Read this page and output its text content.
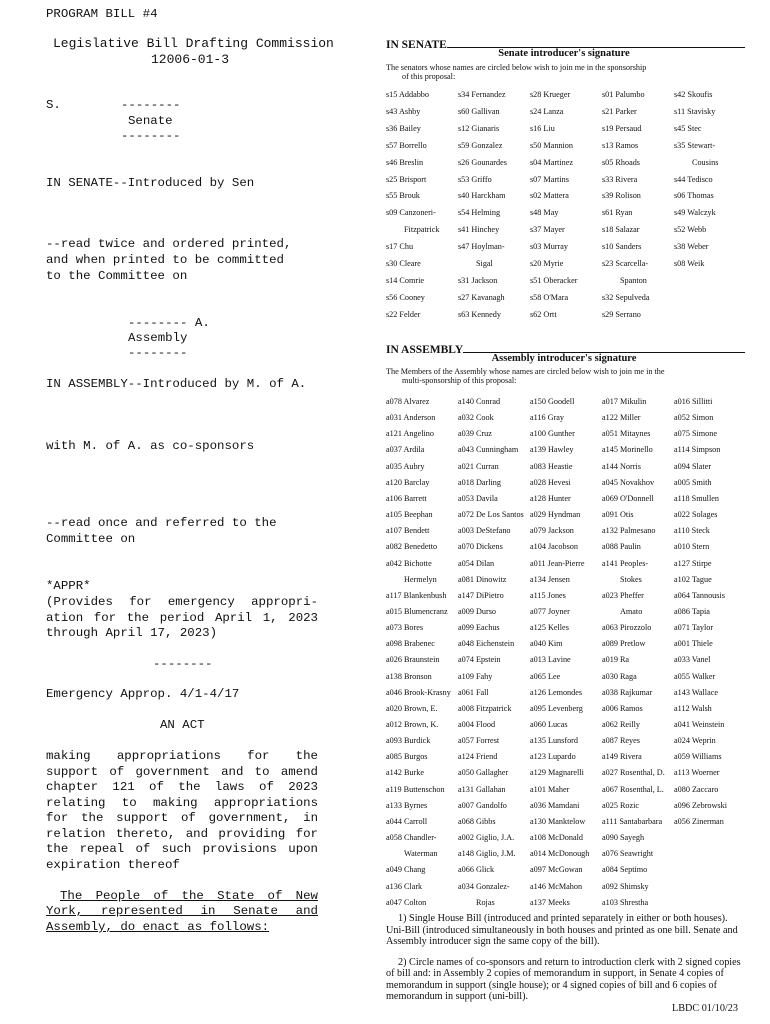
PROGRAM BILL #4
Legislative Bill Drafting Commission
12006-01-3
S.	--------
Senate
--------
IN SENATE--Introduced by Sen
--read twice and ordered printed,
and when printed to be committed
to the Committee on
-------- A.
Assembly
--------
IN ASSEMBLY--Introduced by M. of A.
with M. of A. as co-sponsors
--read once and referred to the
Committee on
*APPR*
(Provides for emergency appropri-
ation for the period April 1, 2023
through April 17, 2023)
--------
Emergency Approp. 4/1-4/17
AN ACT
making appropriations for the
support of government and to amend
chapter 121 of the laws of 2023
relating to making appropriations
for the support of government, in
relation thereto, and providing for
the repeal of such provisions upon
expiration thereof
The People of the State of New
York, represented in Senate and
Assembly, do enact as follows:
IN SENATE
Senate introducer's signature
The senators whose names are circled below wish to join me in the sponsorship
of this proposal:
s15 Addabbo
s43 Ashby
s36 Bailey
s57 Borrello
s46 Breslin
s25 Brisport
s55 Brouk
s09 Canzoneri-
Fitzpatrick
s17 Chu
s30 Cleare
s14 Comrie
s56 Cooney
s22 Felder
s34 Fernandez
s60 Gallivan
s12 Gianaris
s59 Gonzalez
s26 Gounardes
s53 Griffo
s40 Harckham
s54 Helming
s41 Hinchey
s47 Hoylman-
Sigal
s31 Jackson
s27 Kavanagh
s63 Kennedy
s28 Krueger
s24 Lanza
s16 Liu
s50 Mannion
s04 Martinez
s07 Martins
s02 Mattera
s48 May
s37 Mayer
s03 Murray
s20 Myrie
s51 Oberacker
s58 O'Mara
s62 Ortt
s01 Palumbo
s21 Parker
s19 Persaud
s13 Ramos
s05 Rhoads
s33 Rivera
s39 Rolison
s61 Ryan
s18 Salazar
s10 Sanders
s23 Scarcella-
Spanton
s32 Sepulveda
s29 Serrano
s42 Skoufis
s11 Stavisky
s45 Stec
s35 Stewart-
Cousins
s44 Tedisco
s06 Thomas
s49 Walczyk
s52 Webb
s38 Weber
s08 Weik
IN ASSEMBLY
Assembly introducer's signature
The Members of the Assembly whose names are circled below wish to join me in the
multi-sponsorship of this proposal:
a078 Alvarez
a031 Anderson
a121 Angelino
a037 Ardila
a035 Aubry
a120 Barclay
a106 Barrett
a105 Beephan
a107 Bendett
a082 Benedetto
a042 Bichotte
Hermelyn
a117 Blankenbush
a015 Blumencranz
a073 Bores
a098 Brabenec
a026 Braunstein
a138 Bronson
a046 Brook-Krasny
a020 Brown, E.
a012 Brown, K.
a093 Burdick
a085 Burgos
a142 Burke
a119 Buttenschon
a133 Byrnes
a044 Carroll
a058 Chandler-
Waterman
a049 Chang
a136 Clark
a047 Colton
a140 Conrad
a032 Cook
a039 Cruz
a043 Cunningham
a021 Curran
a018 Darling
a053 Davila
a072 De Los Santos
a003 DeStefano
a070 Dickens
a054 Dilan
a081 Dinowitz
a147 DiPietro
a009 Durso
a099 Eachus
a048 Eichenstein
a074 Epstein
a109 Fahy
a061 Fall
a008 Fitzpatrick
a004 Flood
a057 Forrest
a124 Friend
a050 Gallagher
a131 Gallahan
a007 Gandolfo
a068 Gibbs
a002 Giglio, J.A.
a148 Giglio, J.M.
a066 Glick
a034 Gonzalez-
Rojas
a150 Goodell
a116 Gray
a100 Gunther
a139 Hawley
a083 Heastie
a028 Hevesi
a128 Hunter
a029 Hyndman
a079 Jackson
a104 Jacobson
a011 Jean-Pierre
a134 Jensen
a115 Jones
a077 Joyner
a125 Kelles
a040 Kim
a013 Lavine
a065 Lee
a126 Lemondes
a095 Levenberg
a060 Lucas
a135 Lunsford
a123 Lupardo
a129 Magnarelli
a101 Maher
a036 Mamdani
a130 Manktelow
a108 McDonald
a014 McDonough
a097 McGowan
a146 McMahon
a137 Meeks
a017 Mikulin
a122 Miller
a051 Mitaynes
a145 Morinello
a144 Norris
a045 Novakhov
a069 O'Donnell
a091 Otis
a132 Palmesano
a088 Paulin
a141 Peoples-
Stokes
a023 Pheffer
Amato
a063 Pirozzolo
a089 Pretlow
a019 Ra
a030 Raga
a038 Rajkumar
a006 Ramos
a062 Reilly
a087 Reyes
a149 Rivera
a027 Rosenthal, D.
a067 Rosenthal, L.
a025 Rozic
a111 Santabarbara
a090 Sayegh
a076 Seawright
a084 Septimo
a092 Shimsky
a103 Shrestha
a016 Sillitti
a052 Simon
a075 Simone
a114 Simpson
a094 Slater
a005 Smith
a118 Smullen
a022 Solages
a110 Steck
a010 Stern
a127 Stirpe
a102 Tague
a064 Tannousis
a086 Tapia
a071 Taylor
a001 Thiele
a033 Vanel
a055 Walker
a143 Wallace
a112 Walsh
a041 Weinstein
a024 Weprin
a059 Williams
a113 Woerner
a080 Zaccaro
a096 Zebrowski
a056 Zinerman

1) Single House Bill (introduced and printed separately in either or both houses). Uni-Bill (introduced simultaneously in both houses and printed as one bill. Senate and Assembly introducer sign the same copy of the bill).

2) Circle names of co-sponsors and return to introduction clerk with 2 signed copies of bill and: in Assembly 2 copies of memorandum in support, in Senate 4 copies of memorandum in support (single house); or 4 signed copies of bill and 6 copies of memorandum in support (uni-bill).

LBDC 01/10/23
